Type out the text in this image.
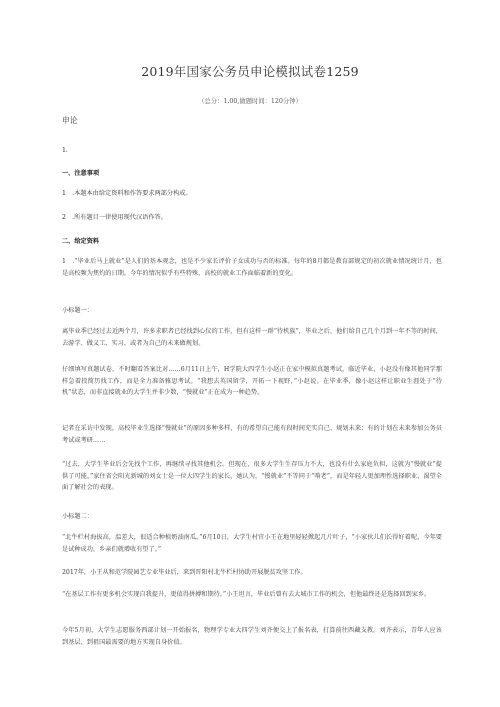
2019年国家公务员申论模拟试卷1259
（总分：1.00,做题时间：120分钟）
申论
1.
一、注意事项
1　.本题本由给定资料和作答要求两部分构成。
2　.所有题目一律使用现代汉语作答。
二、给定资料
1　.“毕业后马上就业”是人们的基本观念，也是不少家长评价子女成功与否的标准。每年的8月都是教育部规定的初次就业情况统计月，也是高校频为焦灼的日期。今年的情况似乎有些特殊，高校的就业工作面临着新的变化。
小标题一：
离毕业季已经过去近两个月，许多求职者已经找到心仪的工作，但有这样一群“待机族”，毕业之后，他们给自己几个月到一年不等的时间，去游学、做义工、实习，或者为自己的未来做规划。
仔细填写真题试卷，不时翻看答案比对……6月11日上午，H学院大四学生小赵正在家中模拟真题考试，临近毕业，小赵没有像其他同学那样急着投简历找工作，而是全力准备雅思考试。“我想去英国留学，开拓一下视野，”小赵说。在毕业季，像小赵这样让职业生涯处于“待机”状态，而非直接就业的大学生并非少数，“慢就业”正在成为一种趋势。
记者在采访中发现，高校毕业生选择“慢就业”的原因多种多样，有的希望自己能有段时间充实自己、规划未来；有的计划在未来参加公务员考试或考研……
“过去，大学生毕业后会先找个工作，再继续寻找其他机会。但现在，很多大学生生存压力不大，也没有什么家庭负担，这就为“慢就业”提供了可能。”家住省会阳光新城的刘女士是一位大四学生的家长，她认为，“慢就业”不等同于“啃老”，而是年轻人更加理性选择职业、渴望全面了解社会的表现。
小标题二：
“北牛栏村海拔高，温差大，很适合种植奶油南瓜。”6月10日，大学生村官小王在地里轻轻掀起几片叶子，“小家伙儿们长得好着呢，今年要是试种成功，乡亲们就增收有望了。”
2017年，小王从和范学院园艺专业毕业后，来到晋阳村北牛栏村协助开展脱贫攻坚工作。
“在基层工作有更多机会实现自我提升，更值得拼搏和期待。”小王坦言，毕业后曾有去大城市工作的机会，但他最终还是选择回到家乡。
今年5月初，大学生志愿服务西部计划一开始报名，物理学专业大四学生刘齐便交上了报名表，打算前往西藏支教。刘齐表示，青年人应该到基层、到祖国最需要的地方实现自身价值。
